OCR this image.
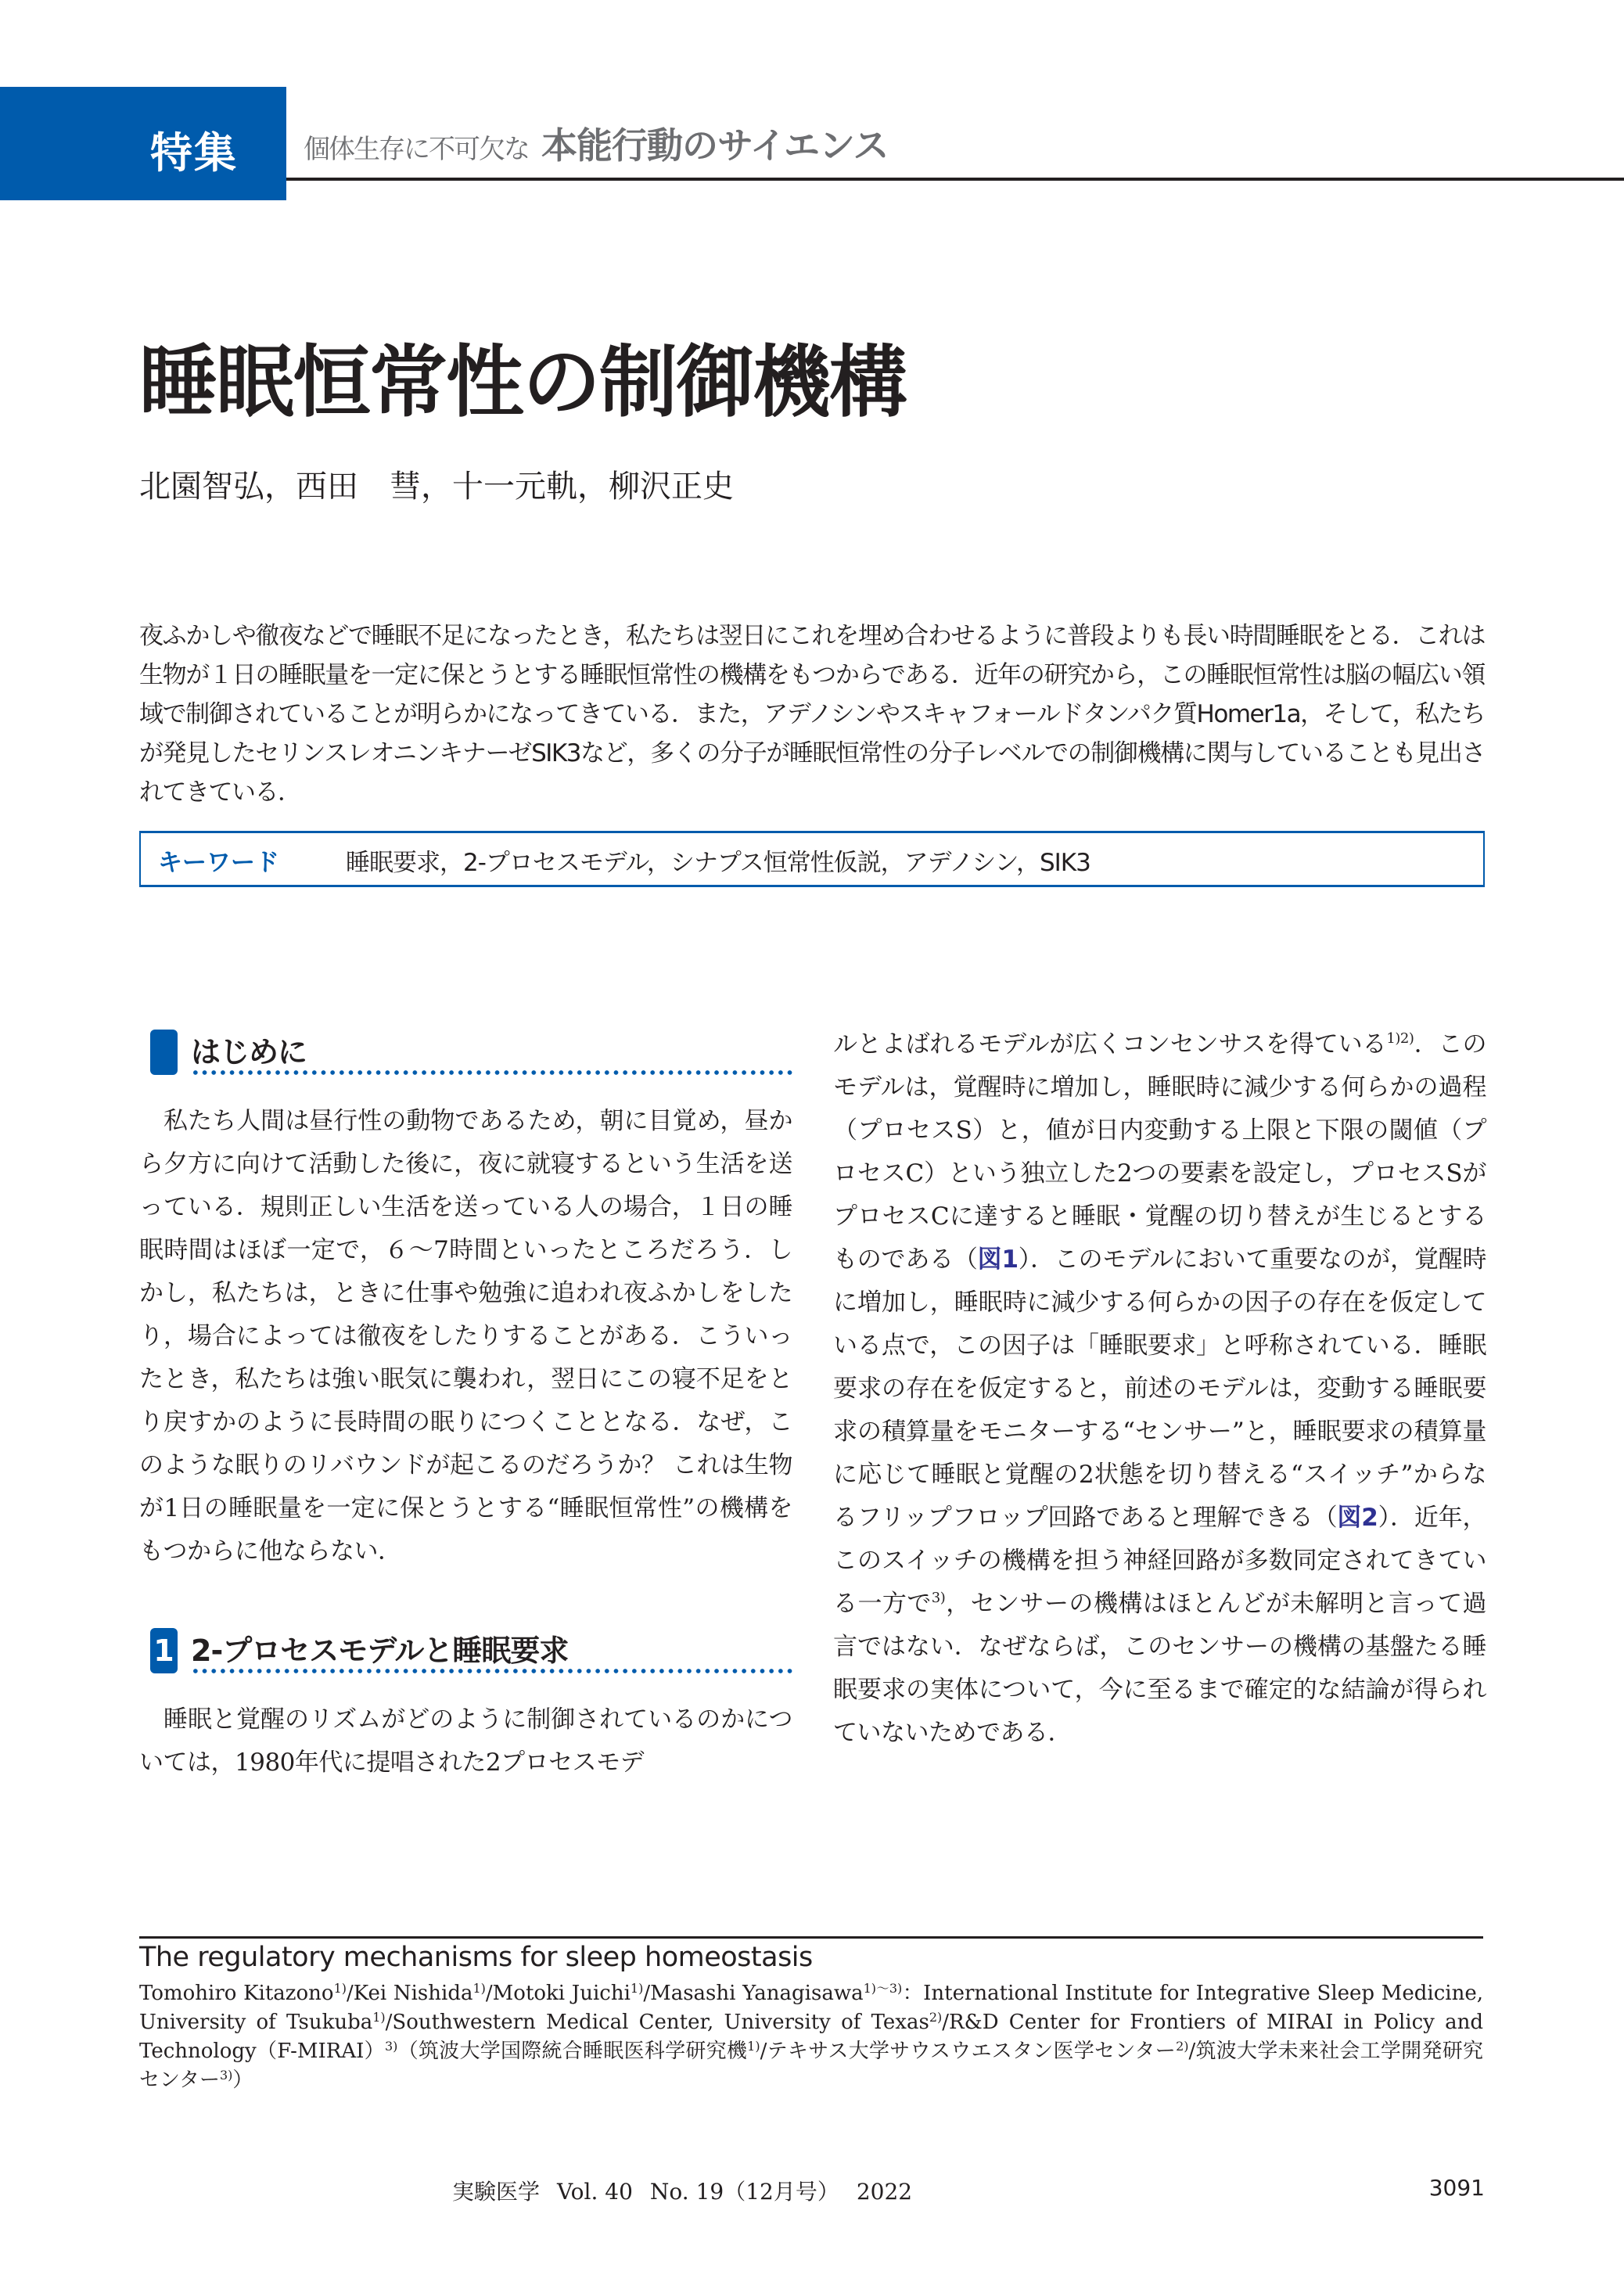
特集 個体生存に不可欠な 本能行動のサイエンス
睡眠恒常性の制御機構
北園智弘，西田　彗，十一元軌，柳沢正史

夜ふかしや徹夜などで睡眠不足になったとき，私たちは翌日にこれを埋め合わせるように普段よりも長い時間睡眠をとる．これは生物が１日の睡眠量を一定に保とうとする睡眠恒常性の機構をもつからである．近年の研究から，この睡眠恒常性は脳の幅広い領域で制御されていることが明らかになってきている．また，アデノシンやスキャフォールドタンパク質Homer1a，そして，私たちが発見したセリンスレオニンキナーゼSIK3など，多くの分子が睡眠恒常性の分子レベルでの制御機構に関与していることも見出されてきている．

キーワード	睡眠要求，2-プロセスモデル，シナプス恒常性仮説，アデノシン，SIK3
はじめに

私たち人間は昼行性の動物であるため，朝に目覚め，昼から夕方に向けて活動した後に，夜に就寝するという生活を送っている．規則正しい生活を送っている人の場合，１日の睡眠時間はほぼ一定で，６～7時間といったところだろう．しかし，私たちは，ときに仕事や勉強に追われ夜ふかしをしたり，場合によっては徹夜をしたりすることがある．こういったとき，私たちは強い眠気に襲われ，翌日にこの寝不足をとり戻すかのように長時間の眠りにつくこととなる．なぜ，このような眠りのリバウンドが起こるのだろうか？ これは生物が1日の睡眠量を一定に保とうとする“睡眠恒常性”の機構をもつからに他ならない．

1 2-プロセスモデルと睡眠要求

睡眠と覚醒のリズムがどのように制御されているのかについては，1980年代に提唱された2プロセスモデ

ルとよばれるモデルが広くコンセンサスを得ている$^{1)2)}$．このモデルは，覚醒時に増加し，睡眠時に減少する何らかの過程（プロセスS）と，値が日内変動する上限と下限の閾値（プロセスC）という独立した2つの要素を設定し，プロセスSがプロセスCに達すると睡眠・覚醒の切り替えが生じるとするものである（図1）．このモデルにおいて重要なのが，覚醒時に増加し，睡眠時に減少する何らかの因子の存在を仮定している点で，この因子は「睡眠要求」と呼称されている．睡眠要求の存在を仮定すると，前述のモデルは，変動する睡眠要求の積算量をモニターする“センサー”と，睡眠要求の積算量に応じて睡眠と覚醒の2状態を切り替える“スイッチ”からなるフリップフロップ回路であると理解できる（図2）．近年，このスイッチの機構を担う神経回路が多数同定されてきている一方で$^{3)}$，センサーの機構はほとんどが未解明と言って過言ではない．なぜならば，このセンサーの機構の基盤たる睡眠要求の実体について，今に至るまで確定的な結論が得られていないためである．

The regulatory mechanisms for sleep homeostasis

Tomohiro Kitazono$^{1)}$/Kei Nishida$^{1)}$/Motoki Juichi$^{1)}$/Masashi Yanagisawa$^{1)\sim 3)}$：International Institute for Integrative Sleep Medicine, University of Tsukuba$^{1)}$/Southwestern Medical Center, University of Texas$^{2)}$/R&D Center for Frontiers of MIRAI in Policy and Technology（F-MIRAI）$^{3)}$（筑波大学国際統合睡眠医科学研究機$^{1)}$/テキサス大学サウスウエスタン医学センター$^{2)}$/筑波大学未来社会工学開発研究センター$^{3)}$）

実験医学 Vol. 40 No. 19（12月号） 2022	3091
